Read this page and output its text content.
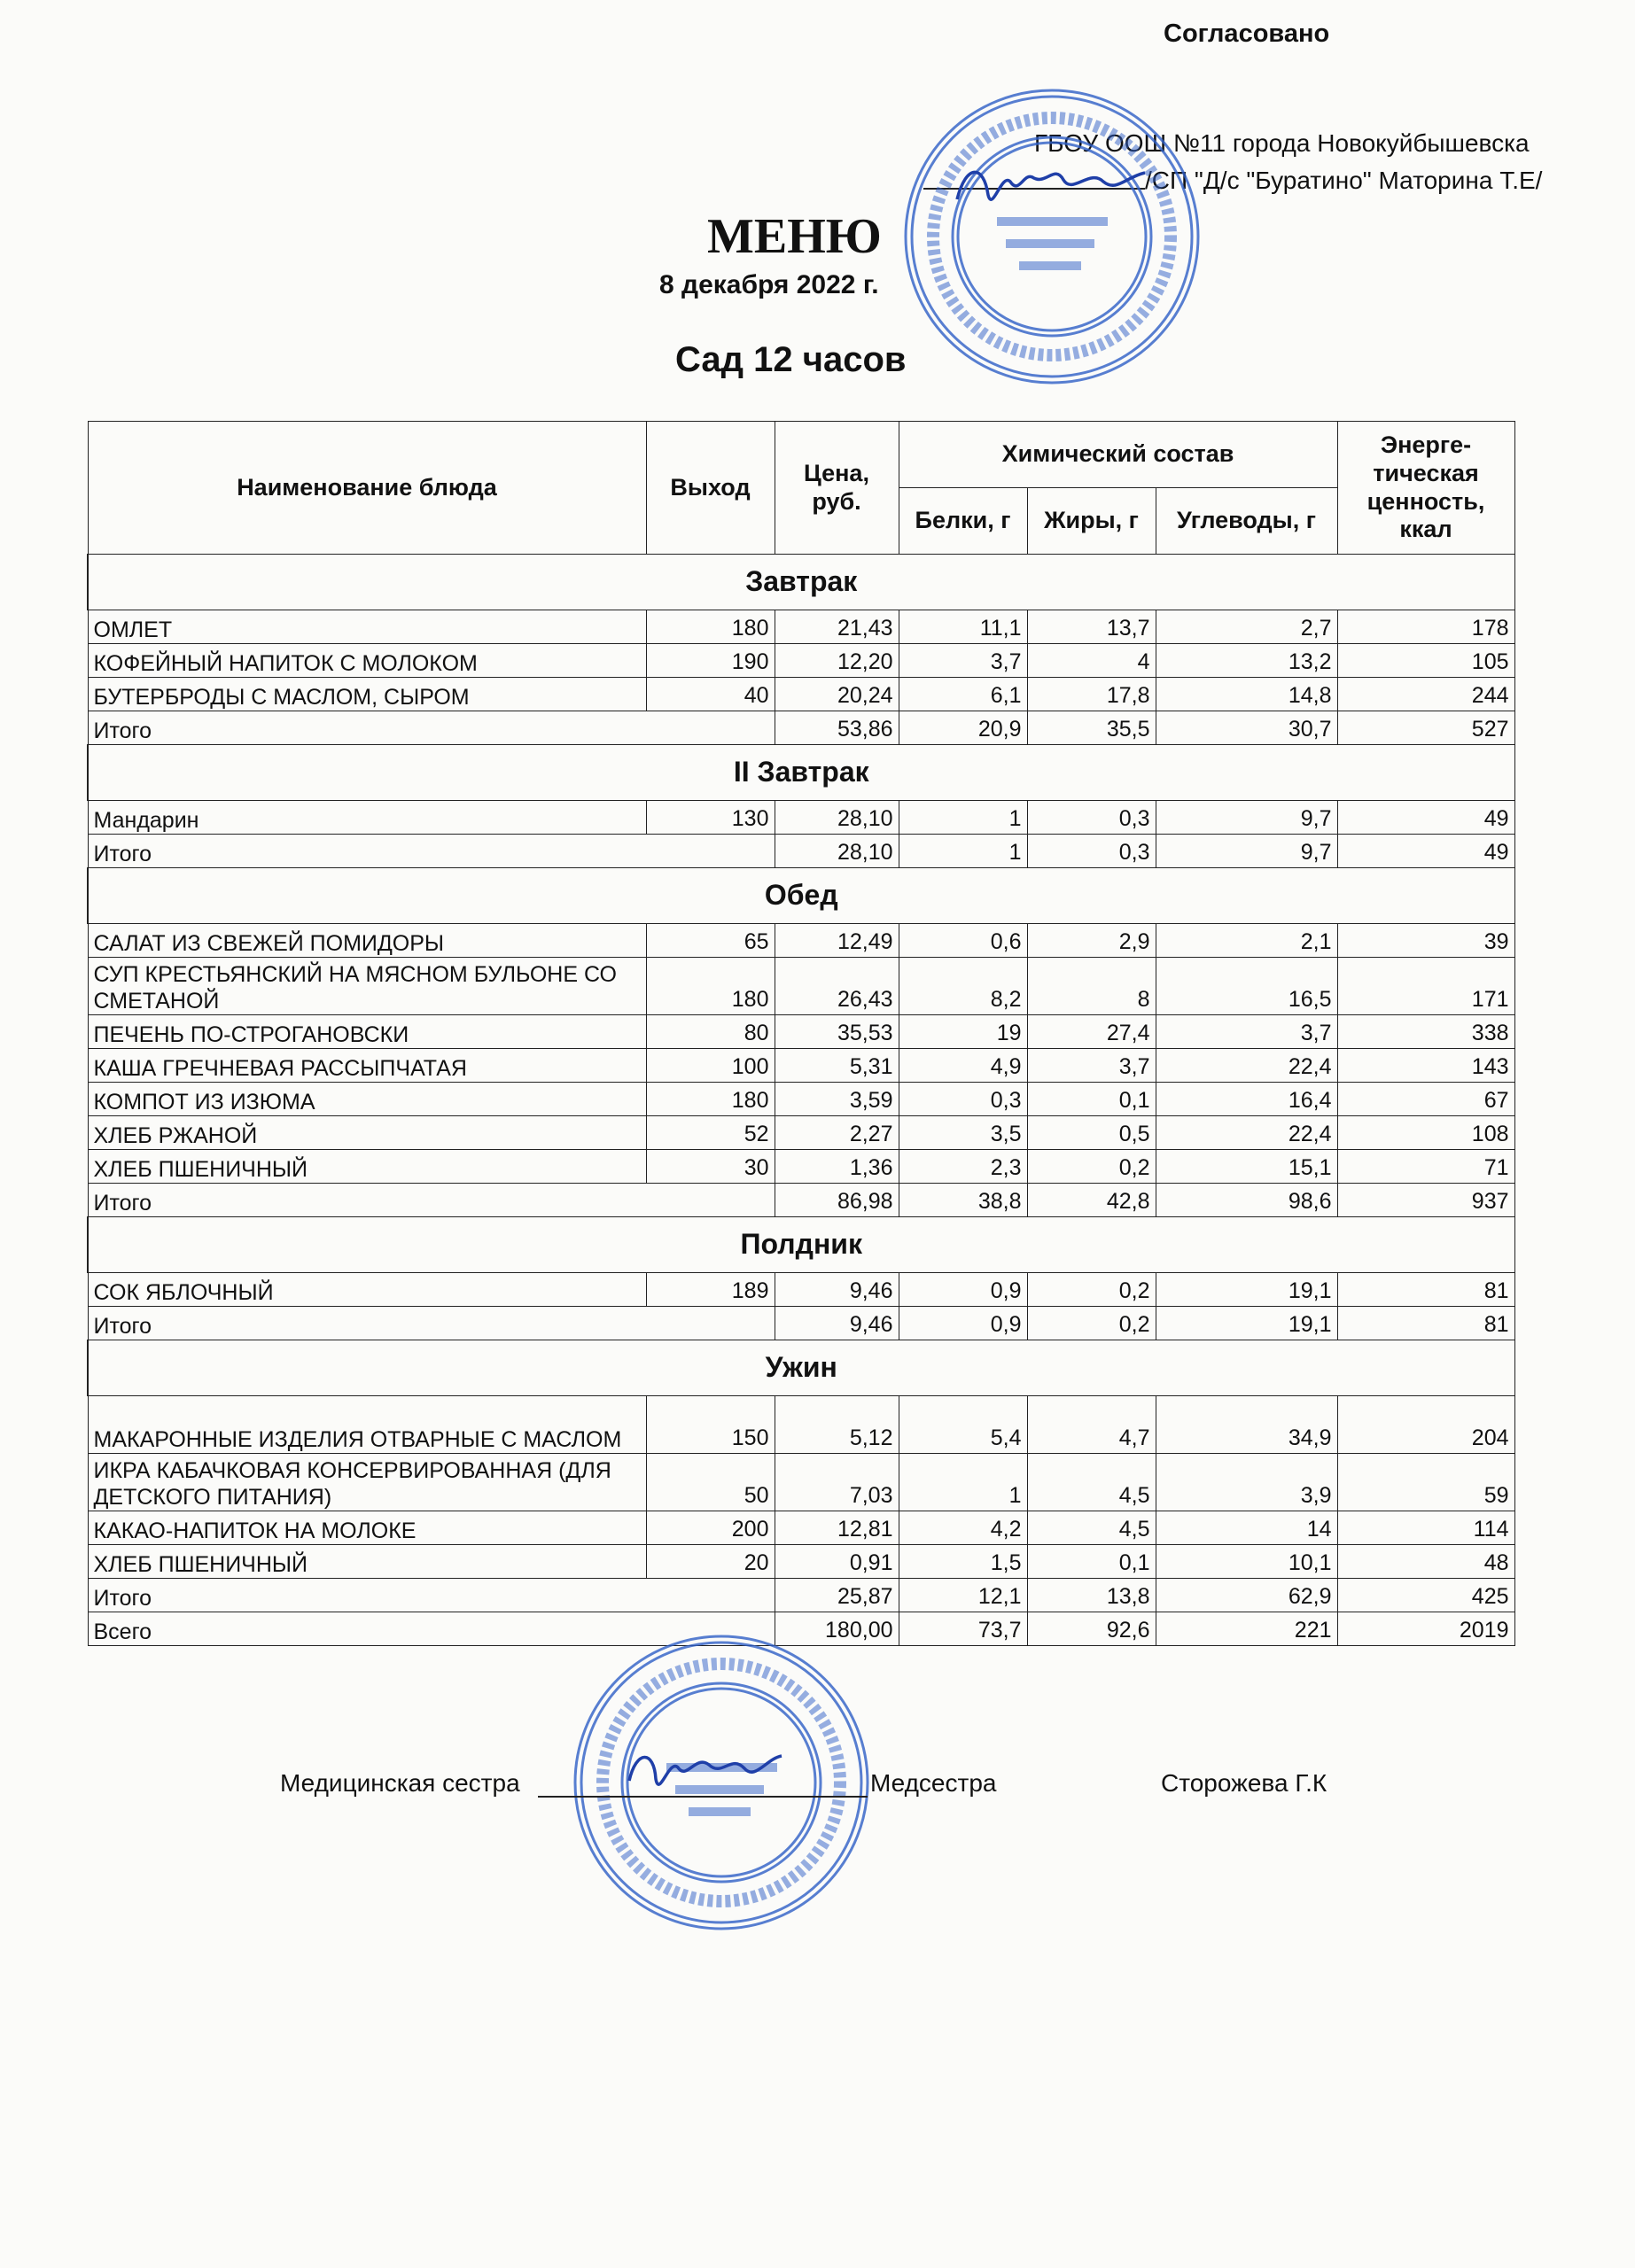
Согласовано
ГБОУ ООШ №11 города Новокуйбышевска
/СП "Д/с "Буратино" Маторина Т.Е/
МЕНЮ
8 декабря 2022 г.
Сад 12 часов
Наименование блюда	Выход	Цена, руб.	Химический состав			Энерге-тическая ценность, ккал
			Белки, г	Жиры, г	Углеводы, г	
Завтрак						
ОМЛЕТ	180	21,43	11,1	13,7	2,7	178
КОФЕЙНЫЙ НАПИТОК С МОЛОКОМ	190	12,20	3,7	4	13,2	105
БУТЕРБРОДЫ С МАСЛОМ, СЫРОМ	40	20,24	6,1	17,8	14,8	244
Итого		53,86	20,9	35,5	30,7	527
II Завтрак						
Мандарин	130	28,10	1	0,3	9,7	49
Итого		28,10	1	0,3	9,7	49
Обед						
САЛАТ ИЗ СВЕЖЕЙ ПОМИДОРЫ	65	12,49	0,6	2,9	2,1	39
СУП КРЕСТЬЯНСКИЙ НА МЯСНОМ БУЛЬОНЕ СО СМЕТАНОЙ	180	26,43	8,2	8	16,5	171
ПЕЧЕНЬ ПО-СТРОГАНОВСКИ	80	35,53	19	27,4	3,7	338
КАША ГРЕЧНЕВАЯ РАССЫПЧАТАЯ	100	5,31	4,9	3,7	22,4	143
КОМПОТ ИЗ ИЗЮМА	180	3,59	0,3	0,1	16,4	67
ХЛЕБ РЖАНОЙ	52	2,27	3,5	0,5	22,4	108
ХЛЕБ ПШЕНИЧНЫЙ	30	1,36	2,3	0,2	15,1	71
Итого		86,98	38,8	42,8	98,6	937
Полдник						
СОК ЯБЛОЧНЫЙ	189	9,46	0,9	0,2	19,1	81
Итого		9,46	0,9	0,2	19,1	81
Ужин						
МАКАРОННЫЕ ИЗДЕЛИЯ ОТВАРНЫЕ С МАСЛОМ	150	5,12	5,4	4,7	34,9	204
ИКРА КАБАЧКОВАЯ КОНСЕРВИРОВАННАЯ (ДЛЯ ДЕТСКОГО ПИТАНИЯ)	50	7,03	1	4,5	3,9	59
КАКАО-НАПИТОК НА МОЛОКЕ	200	12,81	4,2	4,5	14	114
ХЛЕБ ПШЕНИЧНЫЙ	20	0,91	1,5	0,1	10,1	48
Итого		25,87	12,1	13,8	62,9	425
Всего		180,00	73,7	92,6	221	2019
Медицинская сестра	Медсестра	Сторожева Г.К
